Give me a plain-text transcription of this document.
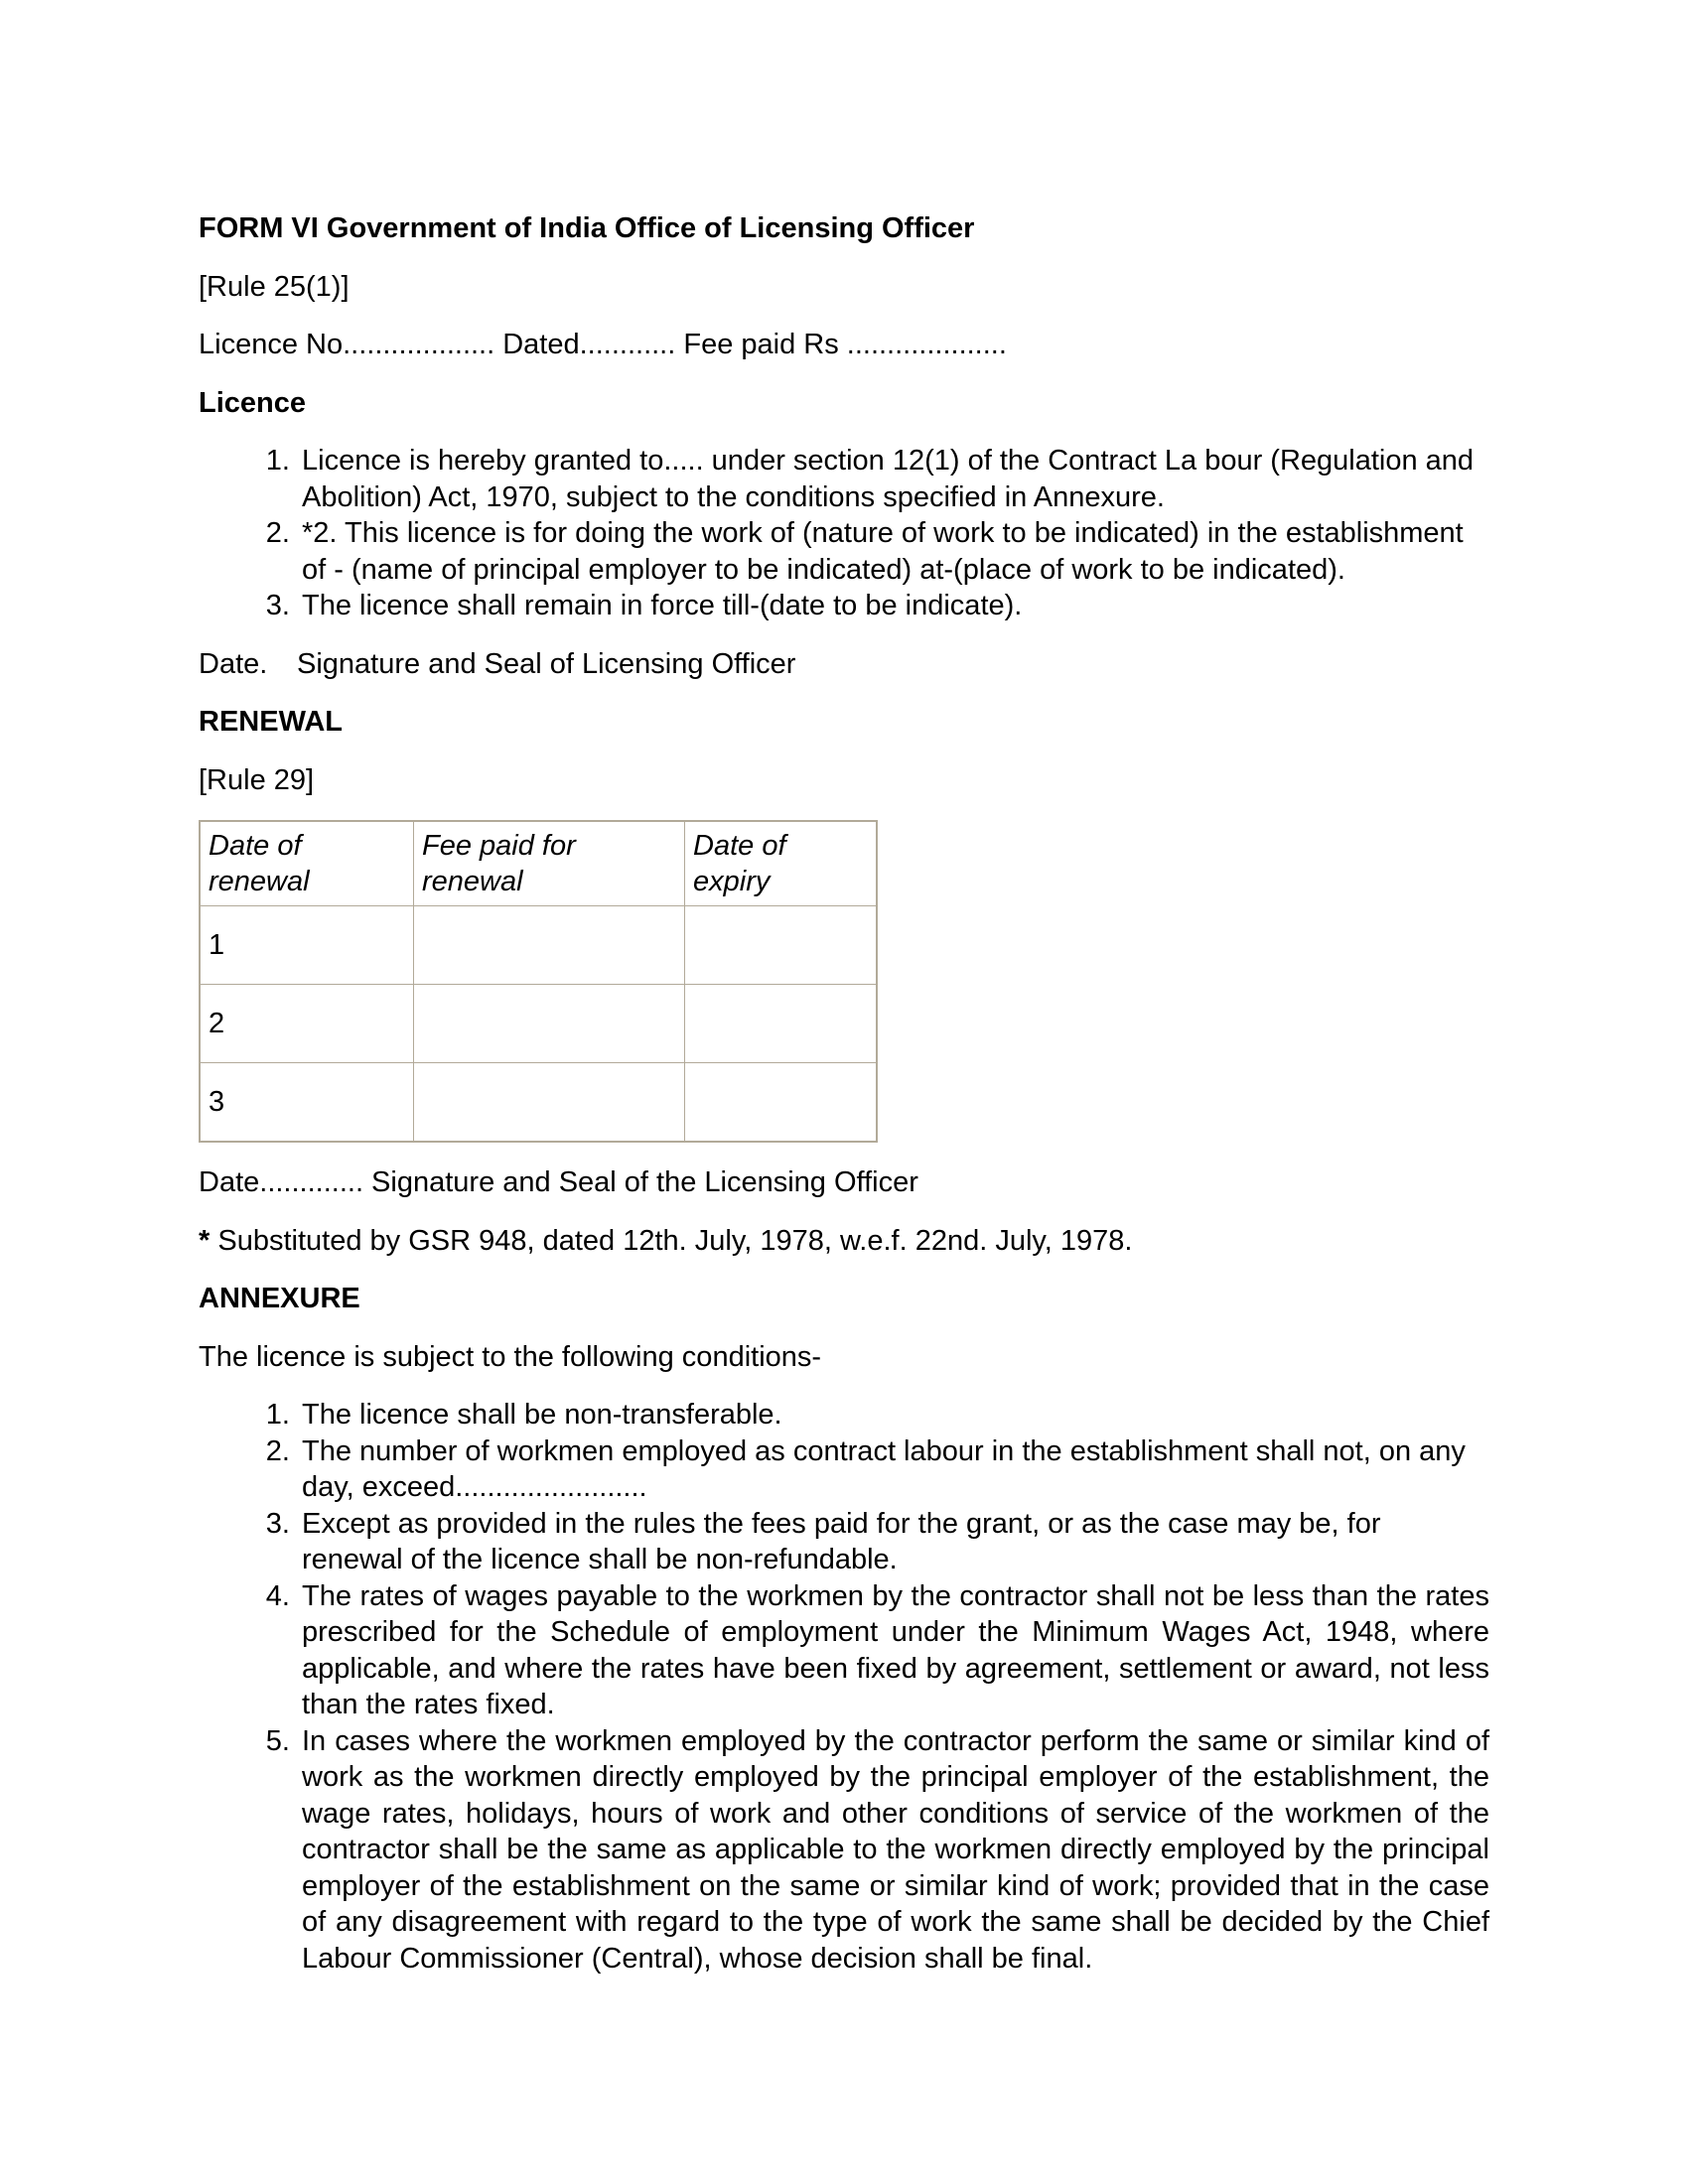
FORM VI Government of India Office of Licensing Officer
[Rule 25(1)]
Licence No................... Dated............ Fee paid Rs ....................
Licence
1. Licence is hereby granted to..... under section 12(1) of the Contract La bour (Regulation and Abolition) Act, 1970, subject to the conditions specified in Annexure.
2. *2. This licence is for doing the work of (nature of work to be indicated) in the establishment of - (name of principal employer to be indicated) at-(place of work to be indicated).
3. The licence shall remain in force till-(date to be indicate).
Date.	Signature and Seal of Licensing Officer
RENEWAL
[Rule 29]
Date of renewal	Fee paid for renewal	Date of expiry
1		
2		
3		
Date............. Signature and Seal of the Licensing Officer
* Substituted by GSR 948, dated 12th. July, 1978, w.e.f. 22nd. July, 1978.
ANNEXURE
The licence is subject to the following conditions-
1. The licence shall be non-transferable.
2. The number of workmen employed as contract labour in the establishment shall not, on any day, exceed........................
3. Except as provided in the rules the fees paid for the grant, or as the case may be, for renewal of the licence shall be non-refundable.
4. The rates of wages payable to the workmen by the contractor shall not be less than the rates prescribed for the Schedule of employment under the Minimum Wages Act, 1948, where applicable, and where the rates have been fixed by agreement, settlement or award, not less than the rates fixed.
5. In cases where the workmen employed by the contractor perform the same or similar kind of work as the workmen directly employed by the principal employer of the establishment, the wage rates, holidays, hours of work and other conditions of service of the workmen of the contractor shall be the same as applicable to the workmen directly employed by the principal employer of the establishment on the same or similar kind of work; provided that in the case of any disagreement with regard to the type of work the same shall be decided by the Chief Labour Commissioner (Central), whose decision shall be final.
